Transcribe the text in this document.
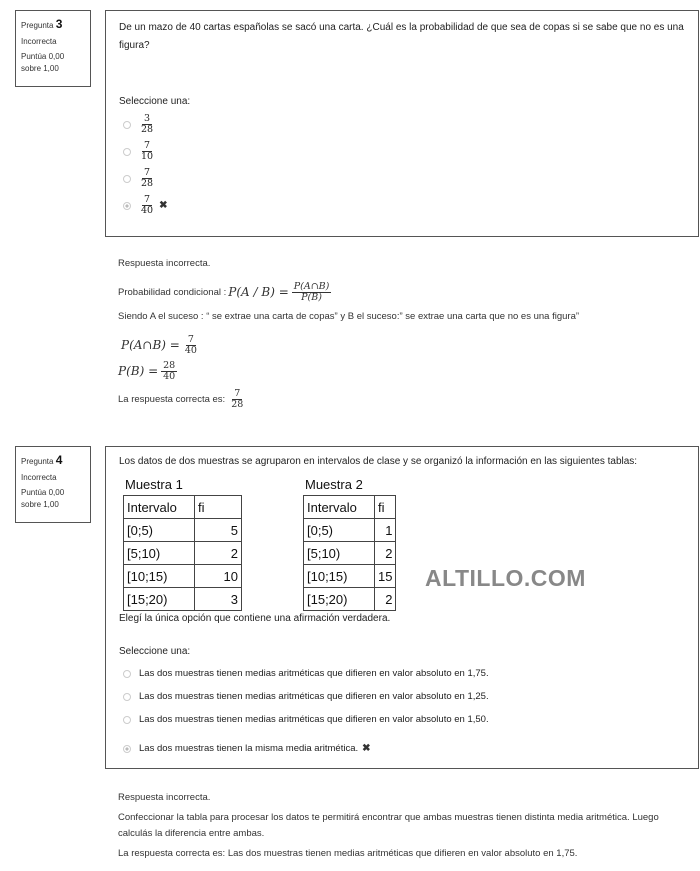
Pregunta 3
Incorrecta
Puntúa 0,00
sobre 1,00
De un mazo de 40 cartas españolas se sacó una carta. ¿Cuál es la probabilidad de que sea de copas si se sabe que no es una figura?
Seleccione una:
$\frac{3}{28}$
$\frac{7}{10}$
$\frac{7}{28}$
$\frac{7}{40}$ ✖

Respuesta incorrecta.

Probabilidad condicional : $P(A / B) = \frac{P(A\cap B)}{P(B)}$

Siendo A el suceso : “ se extrae una carta de copas” y B el suceso:” se extrae una carta que no es una figura”

P(A∩B) = $\frac{7}{40}$

$P(B) = \frac{28}{40}$

La respuesta correcta es: $\frac{7}{28}$

Pregunta 4
Incorrecta
Puntúa 0,00
sobre 1,00
Los datos de dos muestras se agruparon en intervalos de clase y se organizó la información en las siguientes tablas:
Muestra 1
Intervalo	fi
[0;5)	5
[5;10)	2
[10;15)	10
[15;20)	3
Muestra 2
Intervalo	fi
[0;5)	1
[5;10)	2
[10;15)	15
[15;20)	2
Elegí la única opción que contiene una afirmación verdadera.
Seleccione una:
Las dos muestras tienen medias aritméticas que difieren en valor absoluto en 1,75.
Las dos muestras tienen medias aritméticas que difieren en valor absoluto en 1,25.
Las dos muestras tienen medias aritméticas que difieren en valor absoluto en 1,50.
Las dos muestras tienen la misma media aritmética. ✖
ALTILLO.COM

Respuesta incorrecta.

Confeccionar la tabla para procesar los datos te permitirá encontrar que ambas muestras tienen distinta media aritmética. Luego calculás la diferencia entre ambas.

La respuesta correcta es: Las dos muestras tienen medias aritméticas que difieren en valor absoluto en 1,75.
